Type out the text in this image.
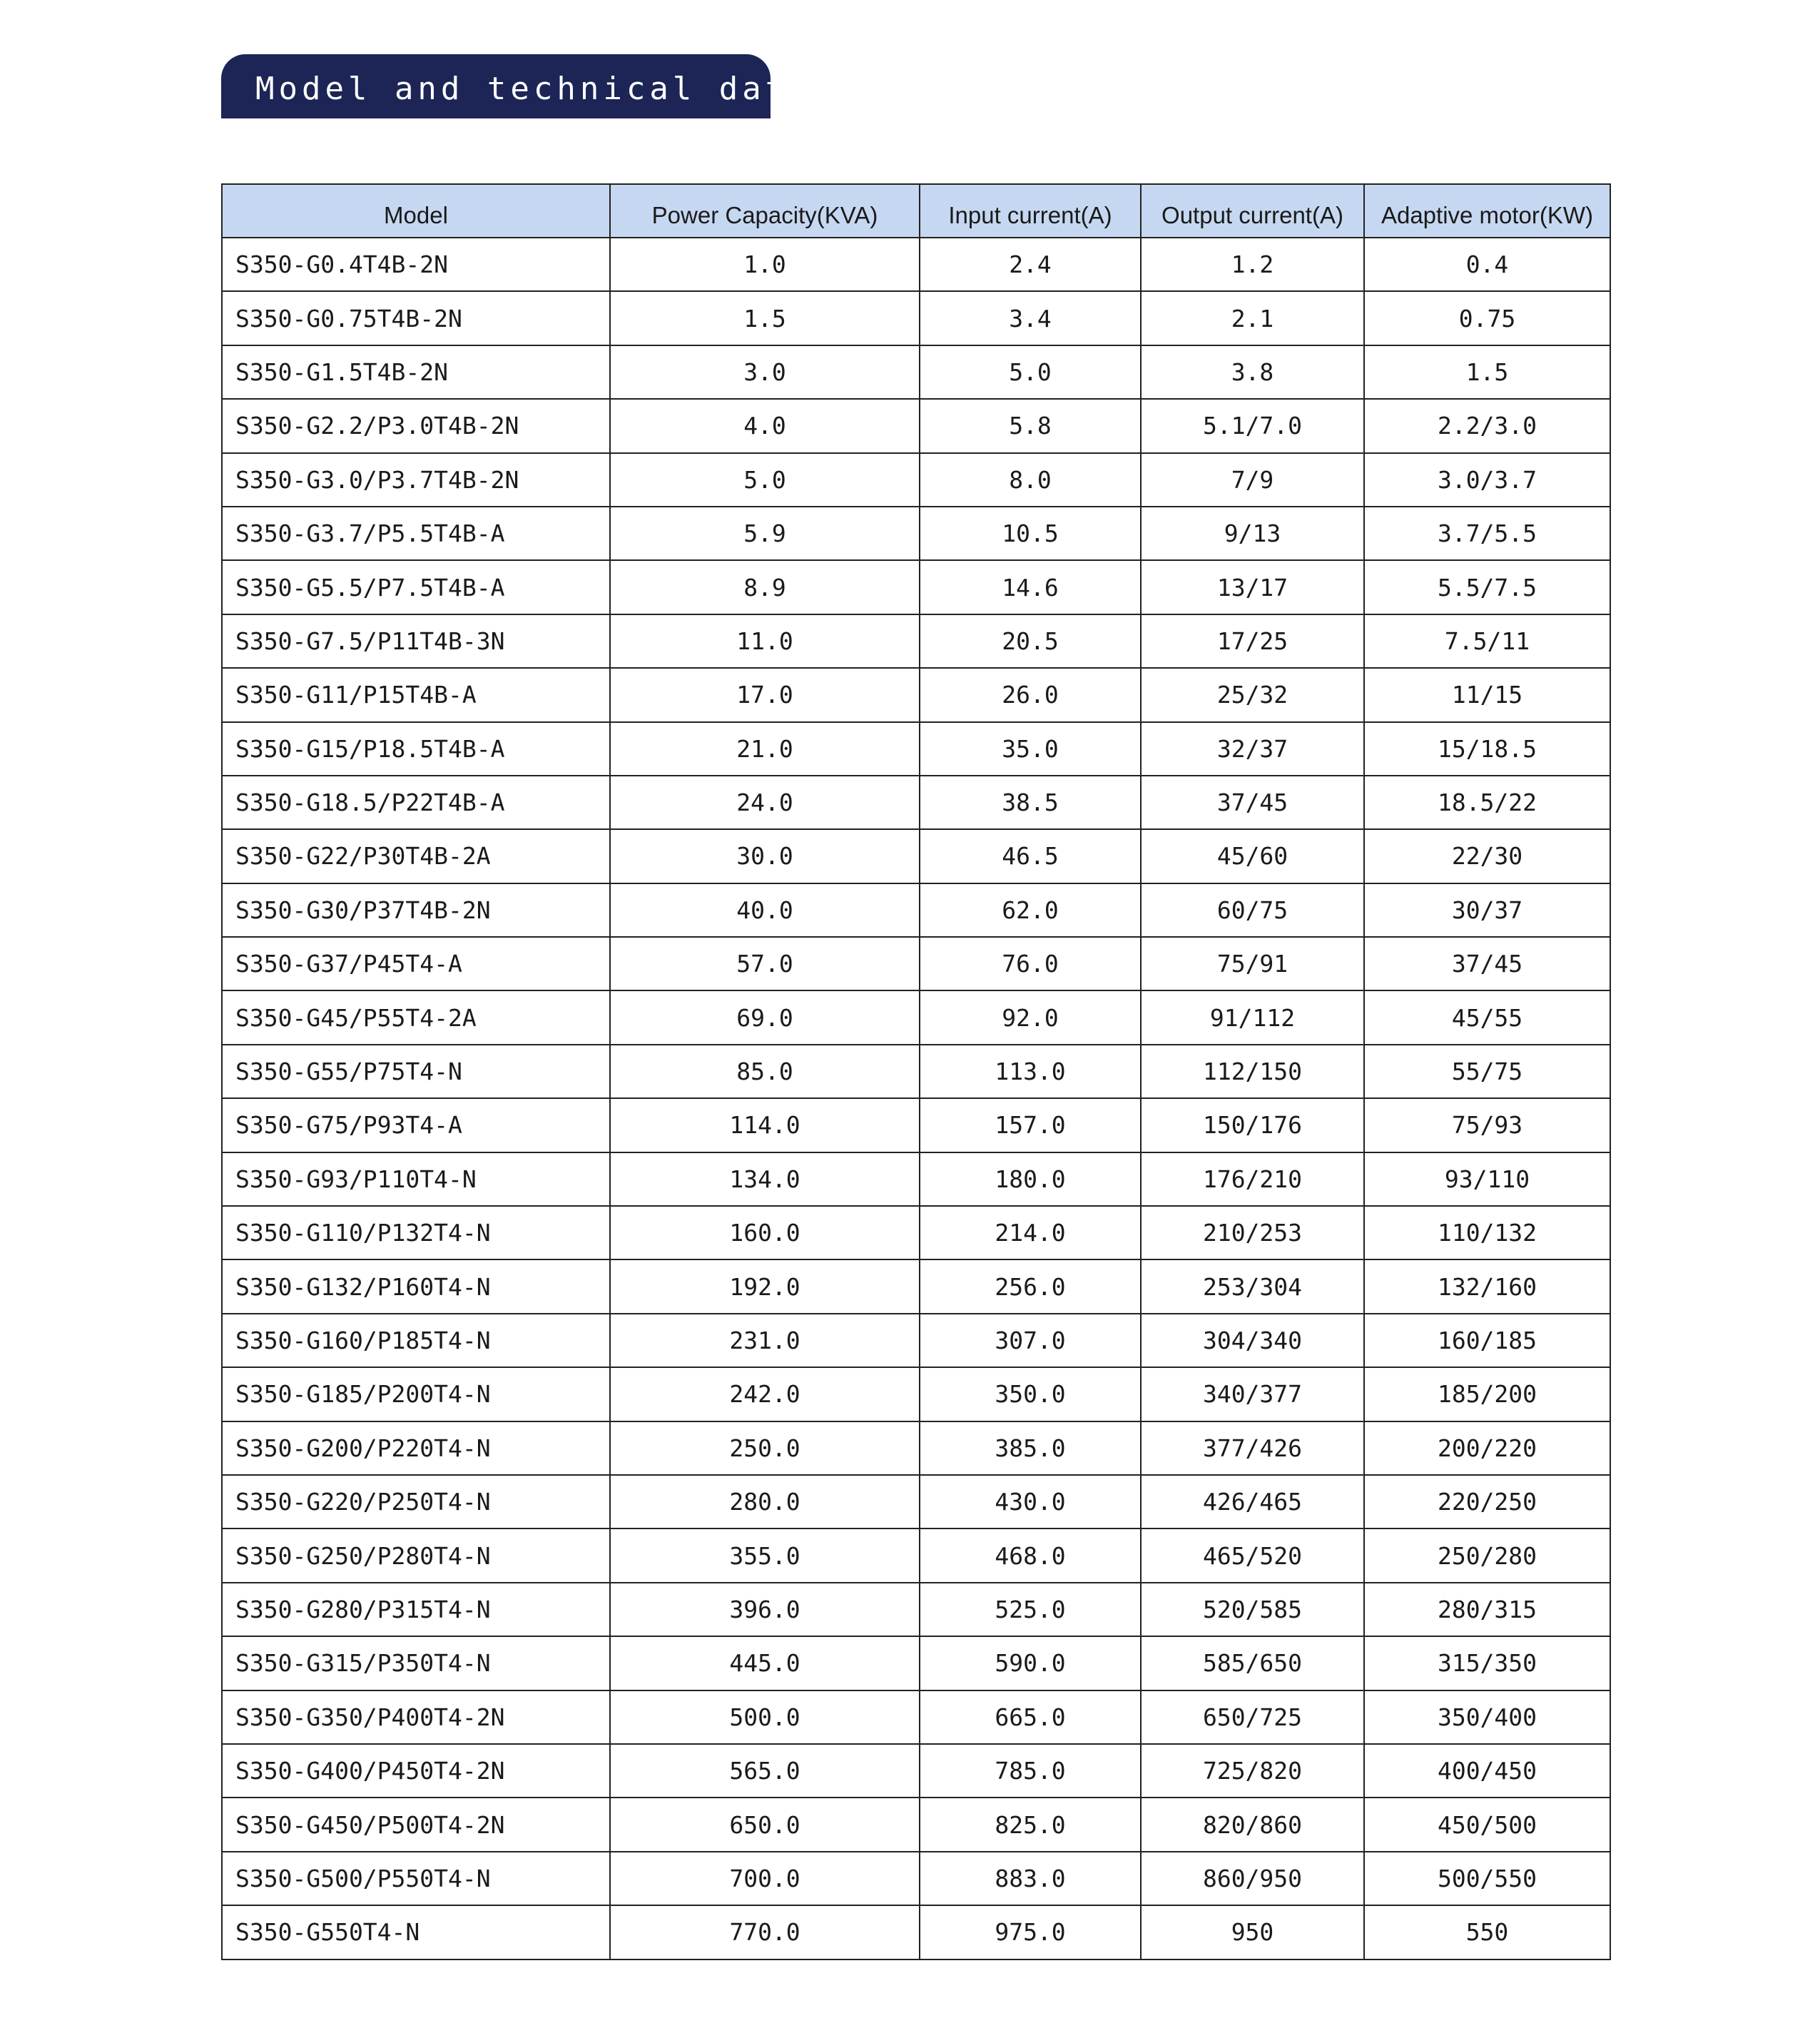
Model and technical data
Model	Power Capacity(KVA)	Input current(A)	Output current(A)	Adaptive motor(KW)
S350-G0.4T4B-2N	1.0	2.4	1.2	0.4
S350-G0.75T4B-2N	1.5	3.4	2.1	0.75
S350-G1.5T4B-2N	3.0	5.0	3.8	1.5
S350-G2.2/P3.0T4B-2N	4.0	5.8	5.1/7.0	2.2/3.0
S350-G3.0/P3.7T4B-2N	5.0	8.0	7/9	3.0/3.7
S350-G3.7/P5.5T4B-A	5.9	10.5	9/13	3.7/5.5
S350-G5.5/P7.5T4B-A	8.9	14.6	13/17	5.5/7.5
S350-G7.5/P11T4B-3N	11.0	20.5	17/25	7.5/11
S350-G11/P15T4B-A	17.0	26.0	25/32	11/15
S350-G15/P18.5T4B-A	21.0	35.0	32/37	15/18.5
S350-G18.5/P22T4B-A	24.0	38.5	37/45	18.5/22
S350-G22/P30T4B-2A	30.0	46.5	45/60	22/30
S350-G30/P37T4B-2N	40.0	62.0	60/75	30/37
S350-G37/P45T4-A	57.0	76.0	75/91	37/45
S350-G45/P55T4-2A	69.0	92.0	91/112	45/55
S350-G55/P75T4-N	85.0	113.0	112/150	55/75
S350-G75/P93T4-A	114.0	157.0	150/176	75/93
S350-G93/P110T4-N	134.0	180.0	176/210	93/110
S350-G110/P132T4-N	160.0	214.0	210/253	110/132
S350-G132/P160T4-N	192.0	256.0	253/304	132/160
S350-G160/P185T4-N	231.0	307.0	304/340	160/185
S350-G185/P200T4-N	242.0	350.0	340/377	185/200
S350-G200/P220T4-N	250.0	385.0	377/426	200/220
S350-G220/P250T4-N	280.0	430.0	426/465	220/250
S350-G250/P280T4-N	355.0	468.0	465/520	250/280
S350-G280/P315T4-N	396.0	525.0	520/585	280/315
S350-G315/P350T4-N	445.0	590.0	585/650	315/350
S350-G350/P400T4-2N	500.0	665.0	650/725	350/400
S350-G400/P450T4-2N	565.0	785.0	725/820	400/450
S350-G450/P500T4-2N	650.0	825.0	820/860	450/500
S350-G500/P550T4-N	700.0	883.0	860/950	500/550
S350-G550T4-N	770.0	975.0	950	550
